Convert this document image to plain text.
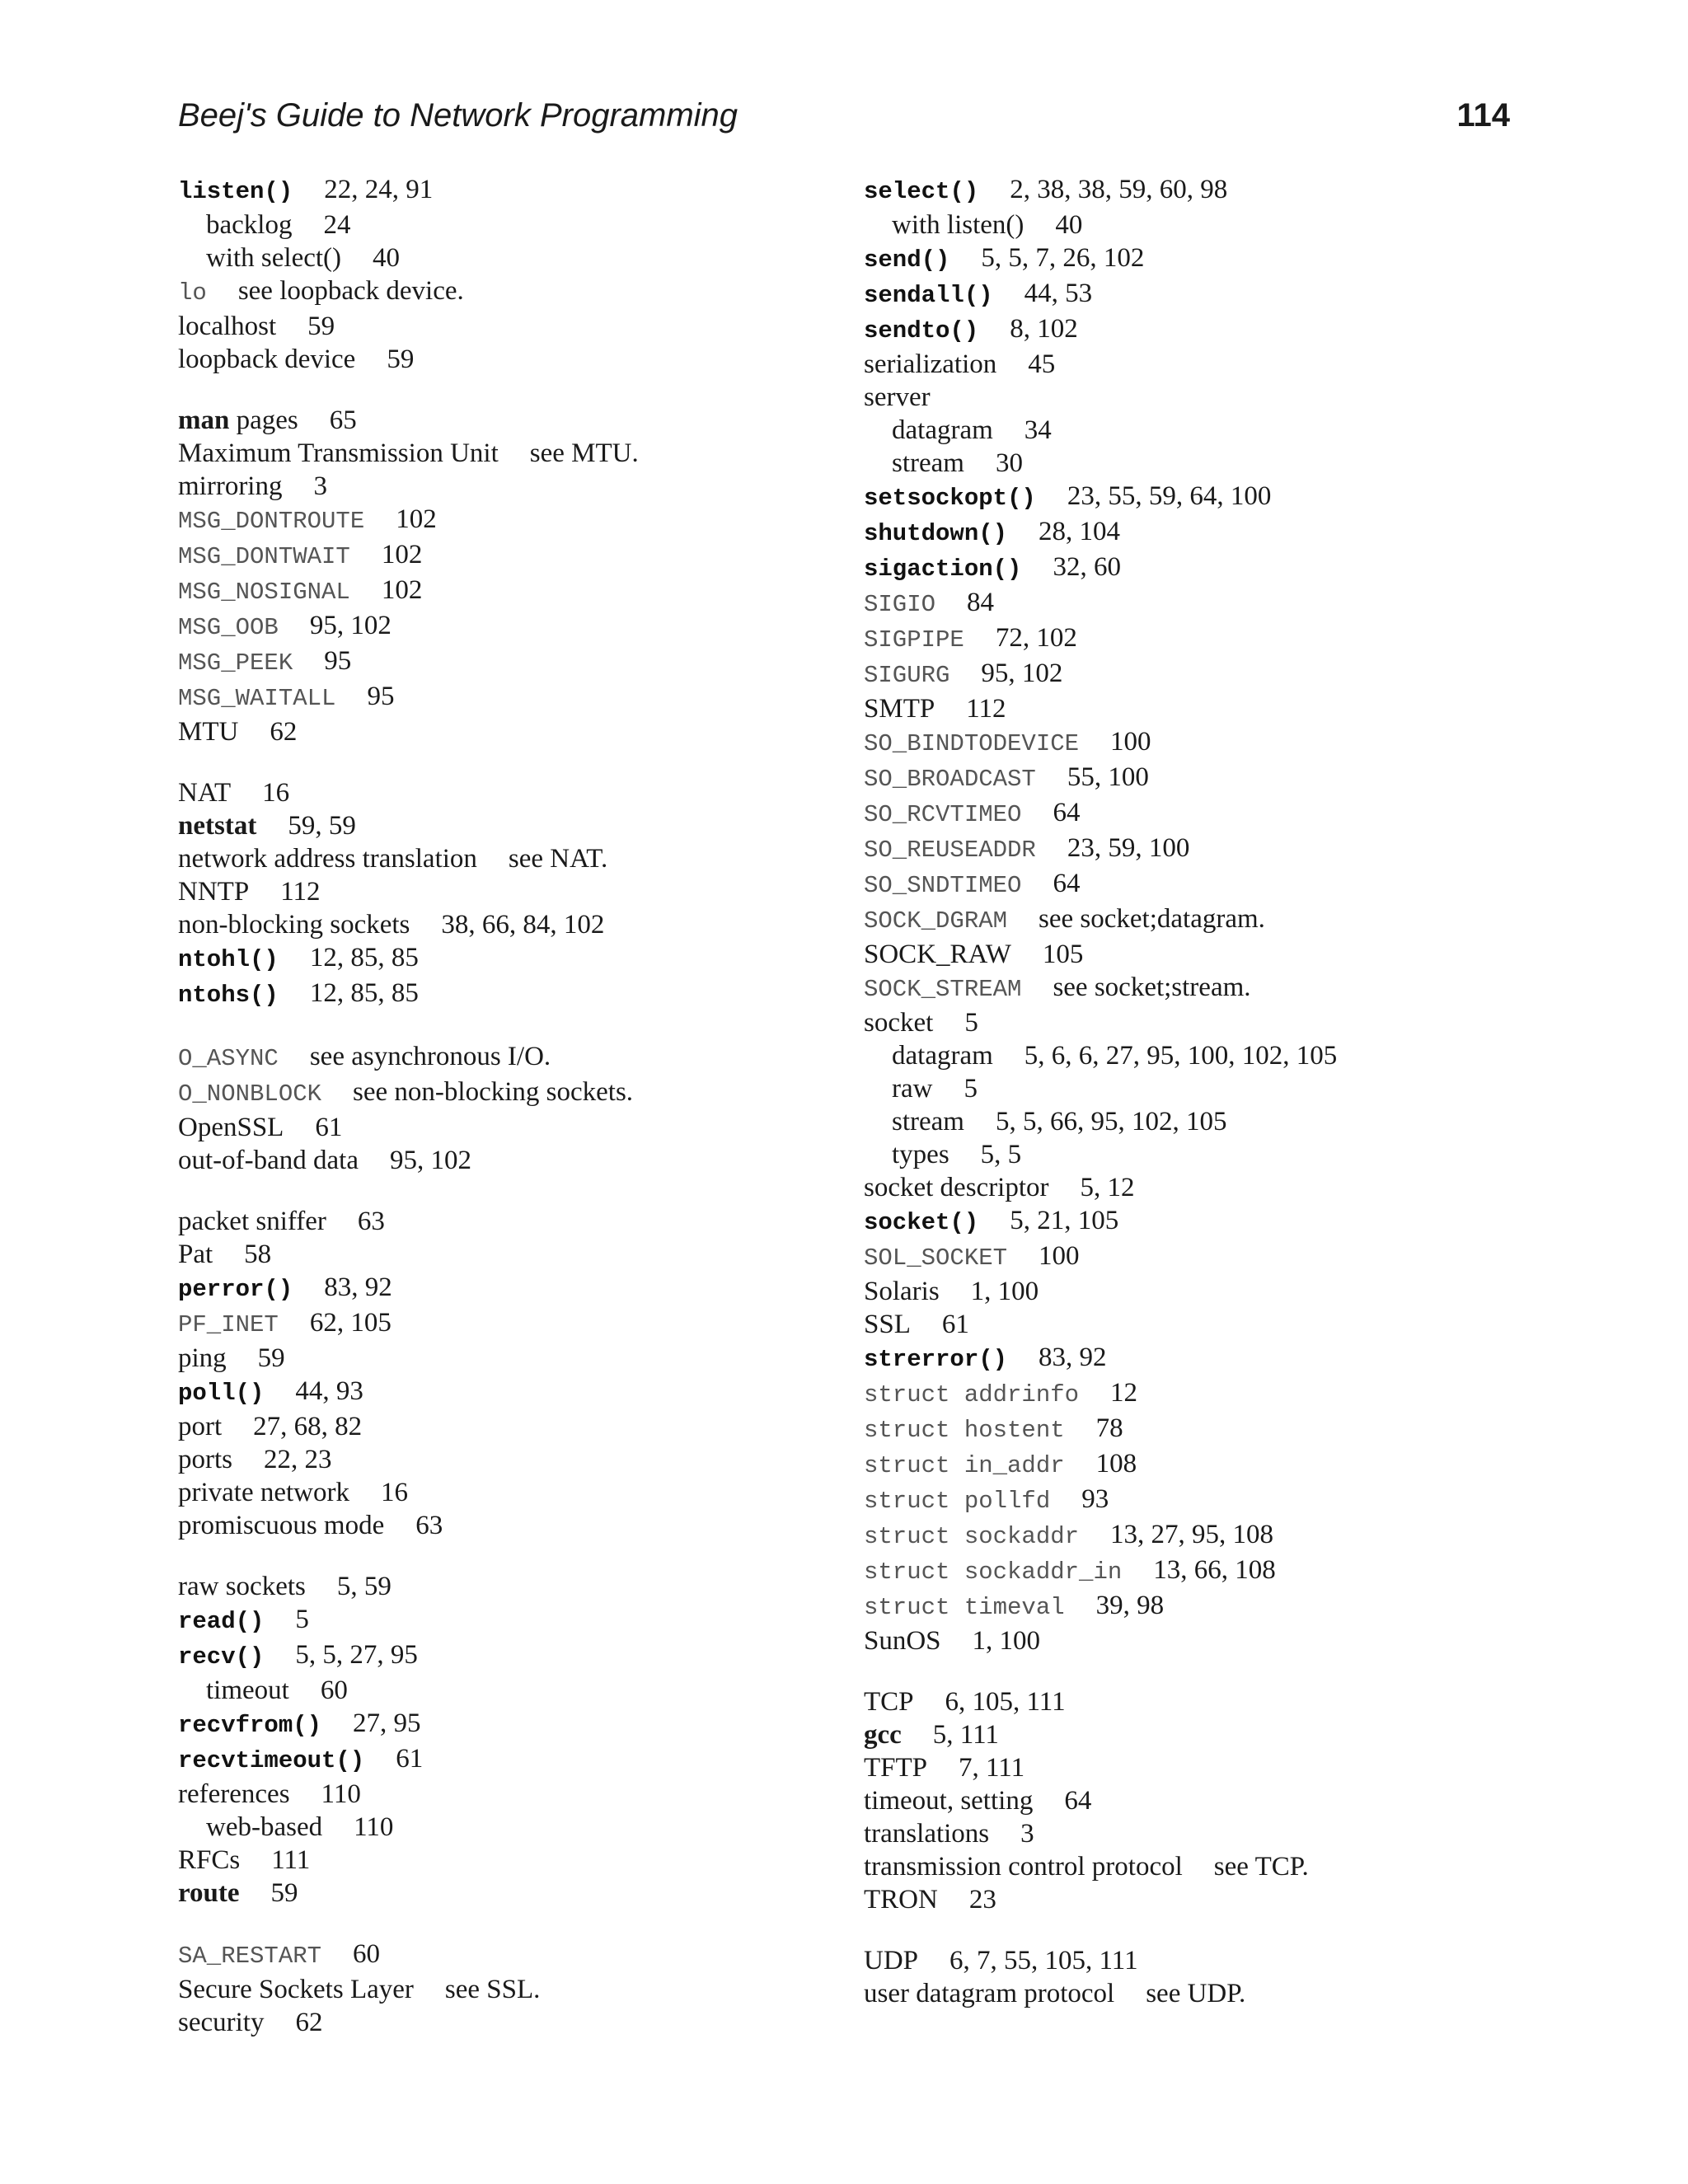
Beej's Guide to Network Programming	114
listen() 22, 24, 91
backlog 24
with select() 40
lo see loopback device.
localhost 59
loopback device 59
man pages 65
Maximum Transmission Unit see MTU.
mirroring 3
MSG_DONTROUTE 102
MSG_DONTWAIT 102
MSG_NOSIGNAL 102
MSG_OOB 95, 102
MSG_PEEK 95
MSG_WAITALL 95
MTU 62
NAT 16
netstat 59, 59
network address translation see NAT.
NNTP 112
non-blocking sockets 38, 66, 84, 102
ntohl() 12, 85, 85
ntohs() 12, 85, 85
O_ASYNC see asynchronous I/O.
O_NONBLOCK see non-blocking sockets.
OpenSSL 61
out-of-band data 95, 102
packet sniffer 63
Pat 58
perror() 83, 92
PF_INET 62, 105
ping 59
poll() 44, 93
port 27, 68, 82
ports 22, 23
private network 16
promiscuous mode 63
raw sockets 5, 59
read() 5
recv() 5, 5, 27, 95
timeout 60
recvfrom() 27, 95
recvtimeout() 61
references 110
web-based 110
RFCs 111
route 59
SA_RESTART 60
Secure Sockets Layer see SSL.
security 62
select() 2, 38, 38, 59, 60, 98
with listen() 40
send() 5, 5, 7, 26, 102
sendall() 44, 53
sendto() 8, 102
serialization 45
server
datagram 34
stream 30
setsockopt() 23, 55, 59, 64, 100
shutdown() 28, 104
sigaction() 32, 60
SIGIO 84
SIGPIPE 72, 102
SIGURG 95, 102
SMTP 112
SO_BINDTODEVICE 100
SO_BROADCAST 55, 100
SO_RCVTIMEO 64
SO_REUSEADDR 23, 59, 100
SO_SNDTIMEO 64
SOCK_DGRAM see socket;datagram.
SOCK_RAW 105
SOCK_STREAM see socket;stream.
socket 5
datagram 5, 6, 6, 27, 95, 100, 102, 105
raw 5
stream 5, 5, 66, 95, 102, 105
types 5, 5
socket descriptor 5, 12
socket() 5, 21, 105
SOL_SOCKET 100
Solaris 1, 100
SSL 61
strerror() 83, 92
struct addrinfo 12
struct hostent 78
struct in_addr 108
struct pollfd 93
struct sockaddr 13, 27, 95, 108
struct sockaddr_in 13, 66, 108
struct timeval 39, 98
SunOS 1, 100
TCP 6, 105, 111
gcc 5, 111
TFTP 7, 111
timeout, setting 64
translations 3
transmission control protocol see TCP.
TRON 23
UDP 6, 7, 55, 105, 111
user datagram protocol see UDP.
